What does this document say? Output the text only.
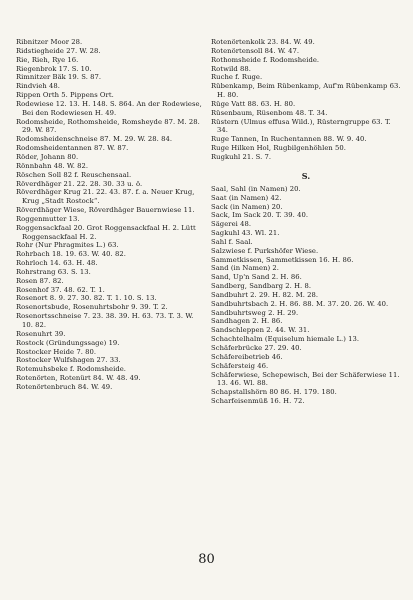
Ribnitzer Moor 28.
Ridstiegheide 27. W. 28.
Rie, Rieh, Rye 16.
Riegenbrok 17. S. 10.
Rimnitzer Bäk 19. S. 87.
Rindvieh 48.
Rippen Orth 5. Pippens Ort.
Rodewiese 12. 13. H. 148. S. 864. An der Rodewiese, Bei den Rodewiesen H. 49.
Rodomsheide, Rothomsheide, Romsheyde 87. M. 28. 29. W. 87.
Rodomsheidenschneise 87. M. 29. W. 28. 84.
Rodomsheidentannen 87. W. 87.
Röder, Johann 80.
Rönnbahn 48. W. 82.
Röschen Soll 82 f. Reuschensaal.
Röverdhäger 21. 22. 28. 30. 33 u. ö.
Röverdhäger Krug 21. 22. 43. 87. f. a. Neuer Krug, Krug „Stadt Rostock“.
Röverdhäger Wiese, Röverdhäger Bauernwiese 11.
Roggenmutter 13.
Roggensackfaal 20. Grot Roggensackfaal H. 2. Lütt Roggensackfaal H. 2.
Rohr (Nur Phragmites L.) 63.
Rohrbach 18. 19. 63. W. 40. 82.
Rohrloch 14. 63. H. 48.
Rohrstrang 63. S. 13.
Rosen 87. 82.
Rosenhof 37. 48. 62. T. 1.
Rosenort 8. 9. 27. 30. 82. T. 1. 10. S. 13.
Rosenortsbude, Rosenuhrtsbohr 9. 39. T. 2.
Rosenortsschneise 7. 23. 38. 39. H. 63. 73. T. 3. W. 10. 82.
Rosenuhrt 39.
Rostock (Gründungssage) 19.
Rostocker Heide 7. 80.
Rostocker Wulfshagen 27. 33.
Rotemuhsbeke f. Rodomsheide.
Rotenörten, Rotenürt 84. W. 48. 49.
Rotenörtenbruch 84. W. 49.
Rotenörtenkolk 23. 84. W. 49.
Rotenörtensoll 84. W. 47.
Rothomsheide f. Rodomsheide.
Rotwild 88.
Ruche f. Ruge.
Rübenkamp, Beim Rübenkamp, Auf'm Rübenkamp 63. H. 80.
Rüge Vatt 88. 63. H. 80.
Rüsenbaum, Rüsenbom 48. T. 34.
Rüstern (Ulmus effusa Wild.), Rüsterngruppe 63. T. 34.
Ruge Tannen, In Ruchentannen 88. W. 9. 40.
Ruge Hilken Hol, Rugbilgenhöhlen 50.
Rugkuhl 21. S. 7.
S.
Saal, Sahl (in Namen) 20.
Saat (in Namen) 42.
Sack (in Namen) 20.
Sack, Im Sack 20. T. 39. 40.
Sägerei 48.
Sagkuhl 43. Wl. 21.
Sahl f. Saal.
Salzwiese f. Purkshöfer Wiese.
Sammetkissen, Sammetkissen 16. H. 86.
Sand (in Namen) 2.
Sand, Up'n Sand 2. H. 86.
Sandberg, Sandbarg 2. H. 8.
Sandbuhrt 2. 29. H. 82. M. 28.
Sandbuhrtsbach 2. H. 86. 88. M. 37. 20. 26. W. 40.
Sandbuhrtsweg 2. H. 29.
Sandhagen 2. H. 86.
Sandschleppen 2. 44. W. 31.
Schachtelhalm (Equiselum hiemale L.) 13.
Schäferbrücke 27. 29. 40.
Schäfereibetrieb 46.
Schäfersteig 46.
Schäferwiese, Schepewisch, Bei der Schäferwiese 11. 13. 46. Wl. 88.
Schapstallshörn 80 86. H. 179. 180.
Scharfeisenmüß 16. H. 72.
80
